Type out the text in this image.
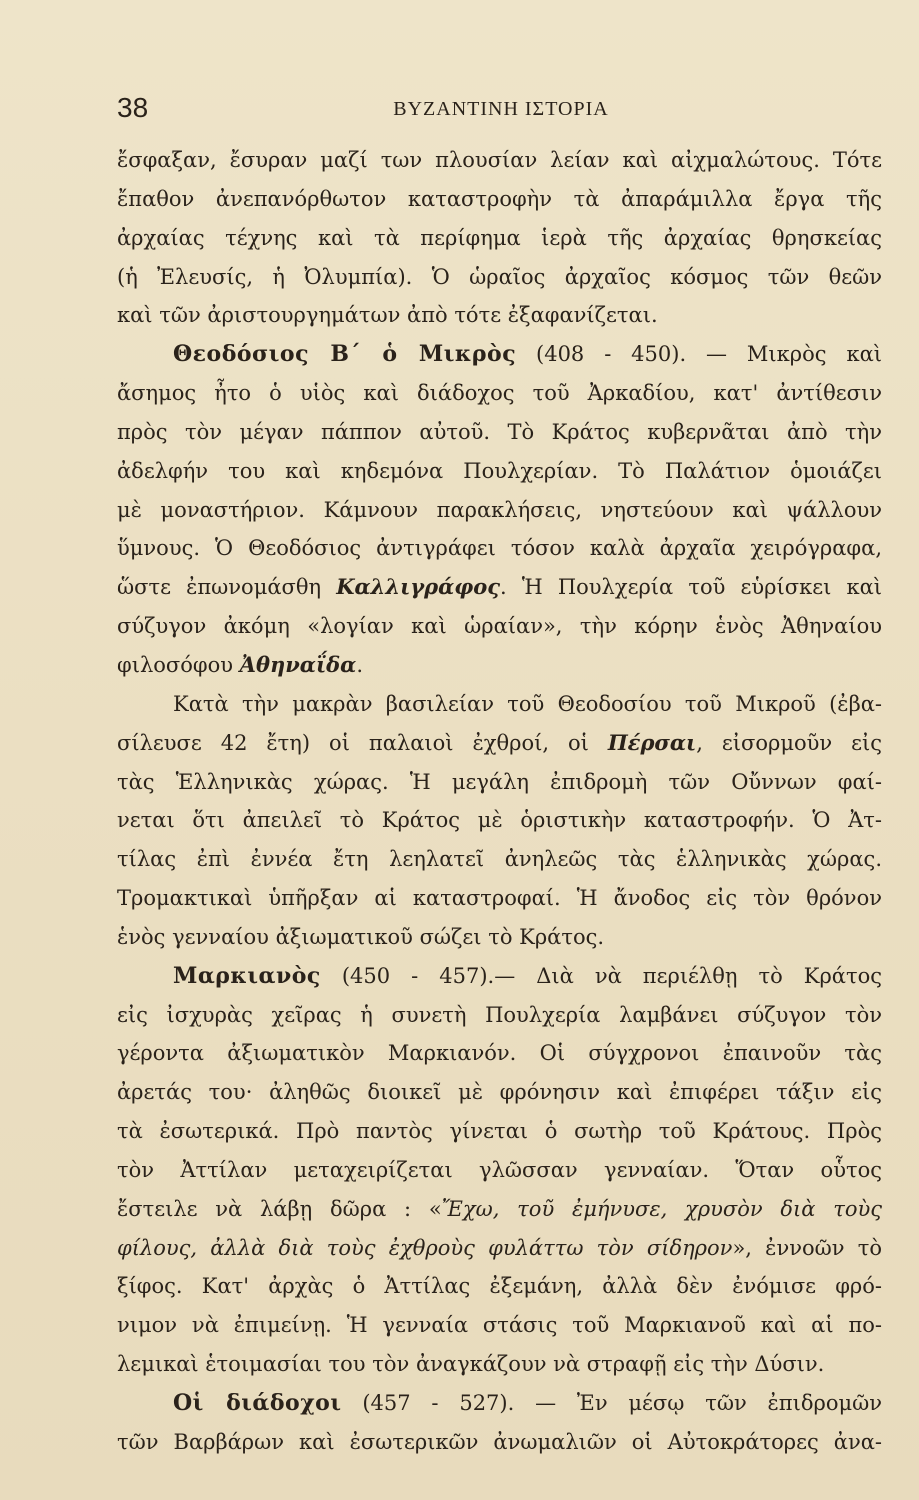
38	ΒΥΖΑΝΤΙΝΗ ΙΣΤΟΡΙΑ
ἔσφαξαν, ἔσυραν μαζί των πλουσίαν λείαν καὶ αἰχμαλώτους. Τότε
ἔπαθον ἀνεπανόρθωτον καταστροφὴν τὰ ἀπαράμιλλα ἔργα τῆς
ἀρχαίας τέχνης καὶ τὰ περίφημα ἱερὰ τῆς ἀρχαίας θρησκείας
(ἡ Ἐλευσίς, ἡ Ὀλυμπία). Ὁ ὡραῖος ἀρχαῖος κόσμος τῶν θεῶν
καὶ τῶν ἀριστουργημάτων ἀπὸ τότε ἐξαφανίζεται.
Θεοδόσιος Β΄ ὁ Μικρὸς (408 - 450). — Μικρὸς καὶ
ἄσημος ἦτο ὁ υἱὸς καὶ διάδοχος τοῦ Ἀρκαδίου, κατ' ἀντίθεσιν
πρὸς τὸν μέγαν πάππον αὐτοῦ. Τὸ Κράτος κυβερνᾶται ἀπὸ τὴν
ἀδελφήν του καὶ κηδεμόνα Πουλχερίαν. Τὸ Παλάτιον ὁμοιάζει
μὲ μοναστήριον. Κάμνουν παρακλήσεις, νηστεύουν καὶ ψάλλουν
ὕμνους. Ὁ Θεοδόσιος ἀντιγράφει τόσον καλὰ ἀρχαῖα χειρόγραφα,
ὥστε ἐπωνομάσθη Καλλιγράφος. Ἡ Πουλχερία τοῦ εὑρίσκει καὶ
σύζυγον ἀκόμη «λογίαν καὶ ὡραίαν», τὴν κόρην ἑνὸς Ἀθηναίου
φιλοσόφου Ἀθηναΐδα.
Κατὰ τὴν μακρὰν βασιλείαν τοῦ Θεοδοσίου τοῦ Μικροῦ (ἐβα-
σίλευσε 42 ἔτη) οἱ παλαιοὶ ἐχθροί, οἱ Πέρσαι, εἰσορμοῦν εἰς
τὰς Ἑλληνικὰς χώρας. Ἡ μεγάλη ἐπιδρομὴ τῶν Οὔννων φαί-
νεται ὅτι ἀπειλεῖ τὸ Κράτος μὲ ὁριστικὴν καταστροφήν. Ὁ Ἀτ-
τίλας ἐπὶ ἐννέα ἔτη λεηλατεῖ ἀνηλεῶς τὰς ἑλληνικὰς χώρας.
Τρομακτικαὶ ὑπῆρξαν αἱ καταστροφαί. Ἡ ἄνοδος εἰς τὸν θρόνον
ἑνὸς γενναίου ἀξιωματικοῦ σώζει τὸ Κράτος.
Μαρκιανὸς (450 - 457).— Διὰ νὰ περιέλθῃ τὸ Κράτος
εἰς ἰσχυρὰς χεῖρας ἡ συνετὴ Πουλχερία λαμβάνει σύζυγον τὸν
γέροντα ἀξιωματικὸν Μαρκιανόν. Οἱ σύγχρονοι ἐπαινοῦν τὰς
ἀρετάς του· ἀληθῶς διοικεῖ μὲ φρόνησιν καὶ ἐπιφέρει τάξιν εἰς
τὰ ἐσωτερικά. Πρὸ παντὸς γίνεται ὁ σωτὴρ τοῦ Κράτους. Πρὸς
τὸν Ἀττίλαν μεταχειρίζεται γλῶσσαν γενναίαν. Ὅταν οὗτος
ἔστειλε νὰ λάβῃ δῶρα : «Ἔχω, τοῦ ἐμήνυσε, χρυσὸν διὰ τοὺς
φίλους, ἀλλὰ διὰ τοὺς ἐχθροὺς φυλάττω τὸν σίδηρον», ἐννοῶν τὸ
ξίφος. Κατ' ἀρχὰς ὁ Ἀττίλας ἐξεμάνη, ἀλλὰ δὲν ἐνόμισε φρό-
νιμον νὰ ἐπιμείνῃ. Ἡ γενναία στάσις τοῦ Μαρκιανοῦ καὶ αἱ πο-
λεμικαὶ ἑτοιμασίαι του τὸν ἀναγκάζουν νὰ στραφῇ εἰς τὴν Δύσιν.
Οἱ διάδοχοι (457 - 527). — Ἐν μέσῳ τῶν ἐπιδρομῶν
τῶν Βαρβάρων καὶ ἐσωτερικῶν ἀνωμαλιῶν οἱ Αὐτοκράτορες ἀνα-
